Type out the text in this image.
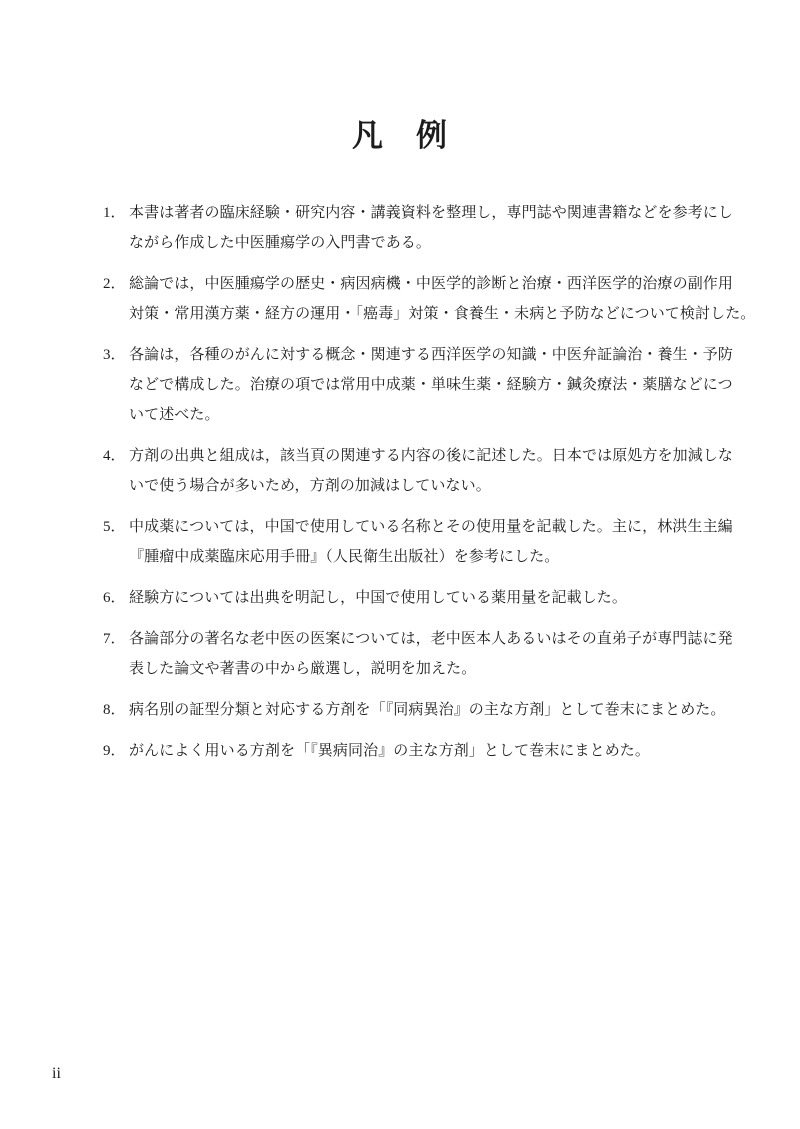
凡　例
1． 本書は著者の臨床経験・研究内容・講義資料を整理し，専門誌や関連書籍などを参考にし
ながら作成した中医腫瘍学の入門書である。
2． 総論では，中医腫瘍学の歴史・病因病機・中医学的診断と治療・西洋医学的治療の副作用
対策・常用漢方薬・経方の運用・「癌毒」対策・食養生・未病と予防などについて検討した。
3． 各論は，各種のがんに対する概念・関連する西洋医学の知識・中医弁証論治・養生・予防
などで構成した。治療の項では常用中成薬・単味生薬・経験方・鍼灸療法・薬膳などにつ
いて述べた。
4． 方剤の出典と組成は，該当頁の関連する内容の後に記述した。日本では原処方を加減しな
いで使う場合が多いため，方剤の加減はしていない。
5． 中成薬については，中国で使用している名称とその使用量を記載した。主に，林洪生主編
『腫瘤中成薬臨床応用手冊』（人民衛生出版社）を参考にした。
6． 経験方については出典を明記し，中国で使用している薬用量を記載した。
7． 各論部分の著名な老中医の医案については，老中医本人あるいはその直弟子が専門誌に発
表した論文や著書の中から厳選し，説明を加えた。
8． 病名別の証型分類と対応する方剤を「『同病異治』の主な方剤」として巻末にまとめた。
9． がんによく用いる方剤を「『異病同治』の主な方剤」として巻末にまとめた。
ii
